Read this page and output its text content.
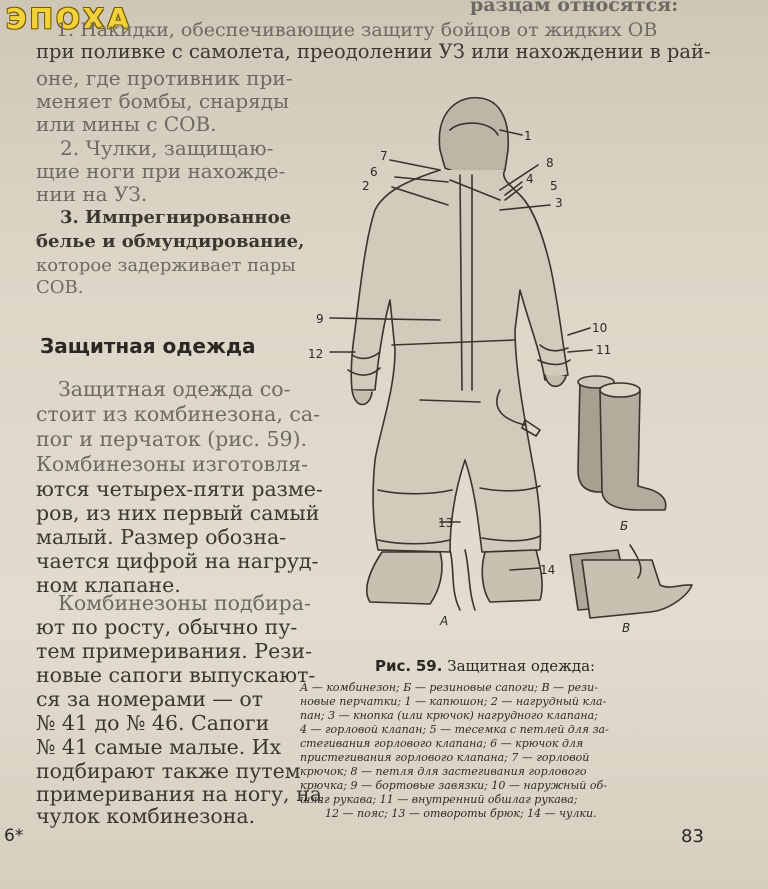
ЭПОХА	разцам относятся:
1. Накидки, обеспечивающие защиту бойцов от жидких ОВ
при поливке с самолета, преодолении УЗ или нахождении в рай-
оне, где противник при-
меняет бомбы, снаряды
или мины с СОВ.
2. Чулки, защищаю-
щие ноги при нахожде-
нии на УЗ.
3. Импрегнированное
белье и обмундирование,
которое задерживает пары
СОВ.
Защитная одежда
Защитная одежда со-
стоит из комбинезона, са-
пог и перчаток (рис. 59).
Комбинезоны изготовля-
ются четырех-пяти разме-
ров, из них первый самый
малый. Размер обозна-
чается цифрой на нагруд-
ном клапане.
Комбинезоны подбира-
ют по росту, обычно пу-
тем примеривания. Рези-
новые сапоги выпускают-
ся за номерами — от
№ 41 до № 46. Сапоги
№ 41 самые малые. Их
подбирают также путем
примеривания на ногу, на
чулок комбинезона.
1
2
3
4 5
6
7	8
9
10
11
12
13
14
А
Б
В
Рис. 59. Защитная одежда:
А — комбинезон; Б — резиновые сапоги; В — рези-
новые перчатки; 1 — капюшон; 2 — нагрудный кла-
пан; 3 — кнопка (или крючок) нагрудного клапана;
4 — горловой клапан; 5 — тесемка с петлей для за-
стегивания горлового клапана; 6 — крючок для
пристегивания горлового клапана; 7 — горловой
крючок; 8 — петля для застегивания горлового
крючка; 9 — бортовые завязки; 10 — наружный об-
шлаг рукава; 11 — внутренний обшлаг рукава;
12 — пояс; 13 — отвороты брюк; 14 — чулки.
6*	83
